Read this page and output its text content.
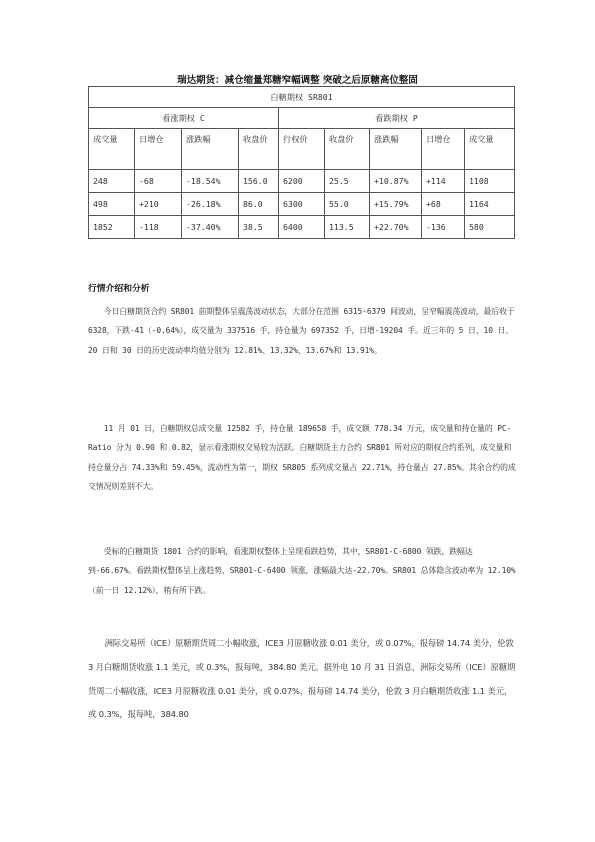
瑞达期货：减仓缩量郑糖窄幅调整 突破之后原糖高位整固
白糖期权 SR801								
看涨期权 C				看跌期权 P				
成交量	日增仓	涨跌幅	收盘价	行权价	收盘价	涨跌幅	日增仓	成交量
248	-68	-18.54%	156.0	6200	25.5	+10.87%	+114	1108
498	+210	-26.18%	86.0	6300	55.0	+15.79%	+68	1164
1852	-118	-37.40%	38.5	6400	113.5	+22.70%	-136	580
行情介绍和分析

今日白糖期货合约 SR801 前期整体呈震荡波动状态，大部分在范围 6315-6379 间波动，呈窄幅震荡波动，最后收于 6328，下跌-41（-0.64%），成交量为 337516 手，持仓量为 697352 手，日增-19204 手。近三年的 5 日、10 日、20 日和 30 日的历史波动率均值分别为 12.81%、13.32%、13.67%和 13.91%。

11 月 01 日，白糖期权总成交量 12582 手，持仓量 189658 手，成交额 778.34 万元，成交量和持仓量的 PC-Ratio 分为 0.90 和 0.82，显示看涨期权交易较为活跃。白糖期货主力合约 SR801 所对应的期权合约系列，成交量和持仓量分占 74.33%和 59.45%，流动性为第一，期权 SR805 系列成交量占 22.71%，持仓量占 27.85%。其余合约的成交情况则差别不大。

受标的白糖期货 1801 合约的影响，看涨期权整体上呈现看跌趋势，其中，SR801-C-6800 领跌，跌幅达到-66.67%。看跌期权整体呈上涨趋势，SR801-C-6400 领涨，涨幅最大达-22.70%。SR801 总体隐含波动率为 12.10%（前一日 12.12%），稍有所下跌。

洲际交易所（ICE）原糖期货周二小幅收涨，ICE3 月原糖收涨 0.01 美分，或 0.07%，报每磅 14.74 美分，伦敦 3 月白糖期货收涨 1.1 美元，或 0.3%，报每吨，384.80 美元。据外电 10 月 31 日消息，洲际交易所（ICE）原糖期货周二小幅收涨，ICE3 月原糖收涨 0.01 美分，或 0.07%，报每磅 14.74 美分，伦敦 3 月白糖期货收涨 1.1 美元，或 0.3%，报每吨，384.80
